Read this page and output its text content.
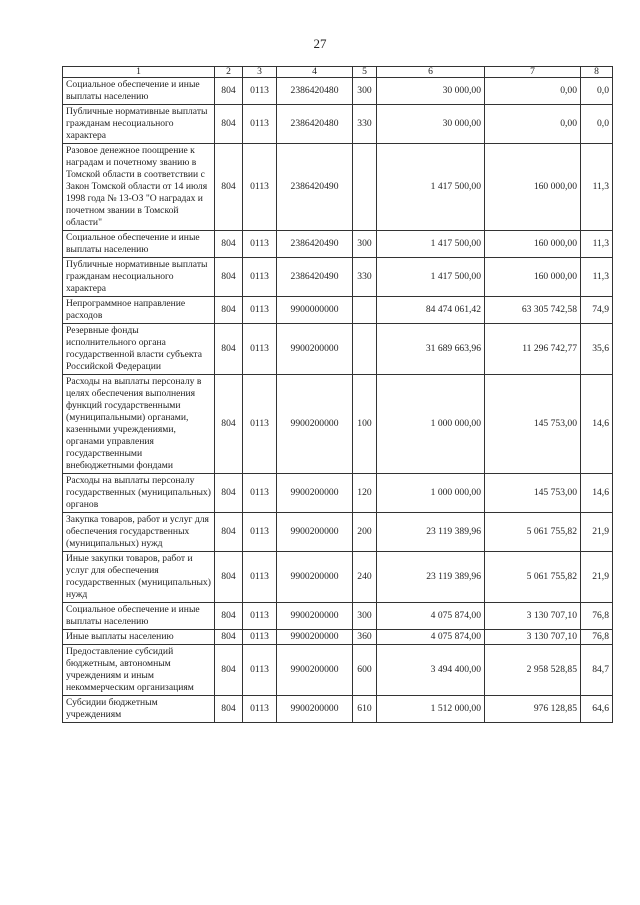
27
1	2	3	4	5	6	7	8
Социальное обеспечение и иные выплаты населению	804	0113	2386420480	300	30 000,00	0,00	0,0
Публичные нормативные выплаты гражданам несоциального характера	804	0113	2386420480	330	30 000,00	0,00	0,0
Разовое денежное поощрение к наградам и почетному званию в Томской области в соответствии с Закон Томской области от 14 июля 1998 года № 13-ОЗ "О наградах и почетном звании в Томской области"	804	0113	2386420490		1 417 500,00	160 000,00	11,3
Социальное обеспечение и иные выплаты населению	804	0113	2386420490	300	1 417 500,00	160 000,00	11,3
Публичные нормативные выплаты гражданам несоциального характера	804	0113	2386420490	330	1 417 500,00	160 000,00	11,3
Непрограммное направление расходов	804	0113	9900000000		84 474 061,42	63 305 742,58	74,9
Резервные фонды исполнительного органа государственной власти субъекта Российской Федерации	804	0113	9900200000		31 689 663,96	11 296 742,77	35,6
Расходы на выплаты персоналу в целях обеспечения выполнения функций государственными (муниципальными) органами, казенными учреждениями, органами управления государственными внебюджетными фондами	804	0113	9900200000	100	1 000 000,00	145 753,00	14,6
Расходы на выплаты персоналу государственных (муниципальных) органов	804	0113	9900200000	120	1 000 000,00	145 753,00	14,6
Закупка товаров, работ и услуг для обеспечения государственных (муниципальных) нужд	804	0113	9900200000	200	23 119 389,96	5 061 755,82	21,9
Иные закупки товаров, работ и услуг для обеспечения государственных (муниципальных) нужд	804	0113	9900200000	240	23 119 389,96	5 061 755,82	21,9
Социальное обеспечение и иные выплаты населению	804	0113	9900200000	300	4 075 874,00	3 130 707,10	76,8
Иные выплаты населению	804	0113	9900200000	360	4 075 874,00	3 130 707,10	76,8
Предоставление субсидий бюджетным, автономным учреждениям и иным некоммерческим организациям	804	0113	9900200000	600	3 494 400,00	2 958 528,85	84,7
Субсидии бюджетным учреждениям	804	0113	9900200000	610	1 512 000,00	976 128,85	64,6
